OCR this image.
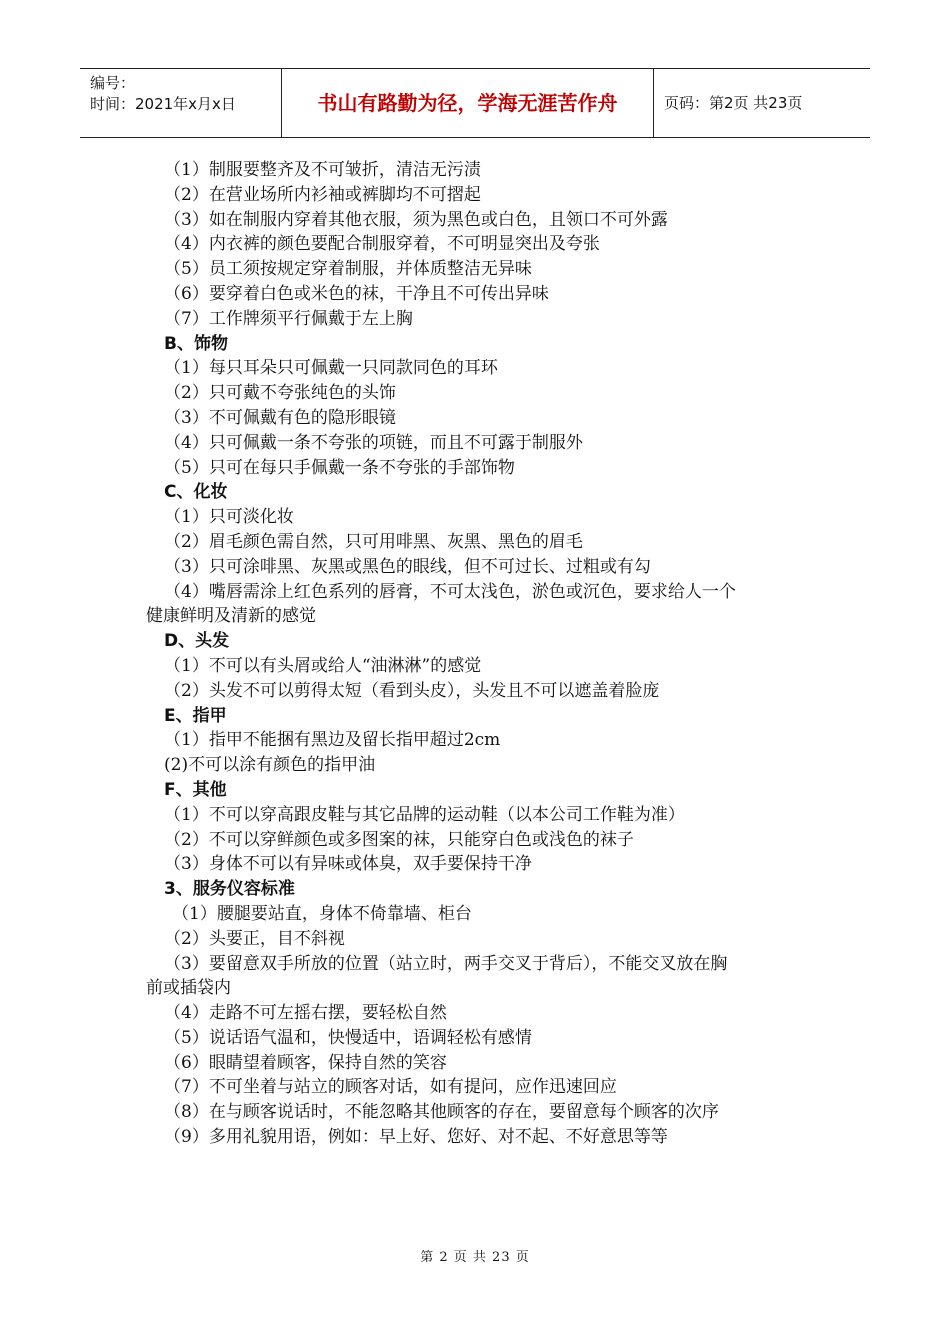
编号：
时间：2021年x月x日	书山有路勤为径，学海无涯苦作舟	页码：第2页 共23页
（1）制服要整齐及不可皱折，清洁无污渍
（2）在营业场所内衫袖或裤脚均不可摺起
（3）如在制服内穿着其他衣服，须为黑色或白色，且领口不可外露
（4）内衣裤的颜色要配合制服穿着，不可明显突出及夸张
（5）员工须按规定穿着制服，并体质整洁无异味
（6）要穿着白色或米色的袜，干净且不可传出异味
（7）工作牌须平行佩戴于左上胸
B、饰物
（1）每只耳朵只可佩戴一只同款同色的耳环
（2）只可戴不夸张纯色的头饰
（3）不可佩戴有色的隐形眼镜
（4）只可佩戴一条不夸张的项链，而且不可露于制服外
（5）只可在每只手佩戴一条不夸张的手部饰物
C、化妆
（1）只可淡化妆
（2）眉毛颜色需自然，只可用啡黑、灰黑、黑色的眉毛
（3）只可涂啡黑、灰黑或黑色的眼线，但不可过长、过粗或有勾
（4）嘴唇需涂上红色系列的唇膏，不可太浅色，淤色或沉色，要求给人一个
健康鲜明及清新的感觉
D、头发
（1）不可以有头屑或给人“油淋淋”的感觉
（2）头发不可以剪得太短（看到头皮），头发且不可以遮盖着脸庞
E、指甲
（1）指甲不能捆有黑边及留长指甲超过2cm
(2)不可以涂有颜色的指甲油
F、其他
（1）不可以穿高跟皮鞋与其它品牌的运动鞋（以本公司工作鞋为准）
（2）不可以穿鲜颜色或多图案的袜，只能穿白色或浅色的袜子
（3）身体不可以有异味或体臭，双手要保持干净
3、服务仪容标准
（1）腰腿要站直，身体不倚靠墙、柜台
（2）头要正，目不斜视
（3）要留意双手所放的位置（站立时，两手交叉于背后），不能交叉放在胸
前或插袋内
（4）走路不可左摇右摆，要轻松自然
（5）说话语气温和，快慢适中，语调轻松有感情
（6）眼睛望着顾客，保持自然的笑容
（7）不可坐着与站立的顾客对话，如有提问，应作迅速回应
（8）在与顾客说话时，不能忽略其他顾客的存在，要留意每个顾客的次序
（9）多用礼貌用语，例如：早上好、您好、对不起、不好意思等等
第 2 页 共 23 页
